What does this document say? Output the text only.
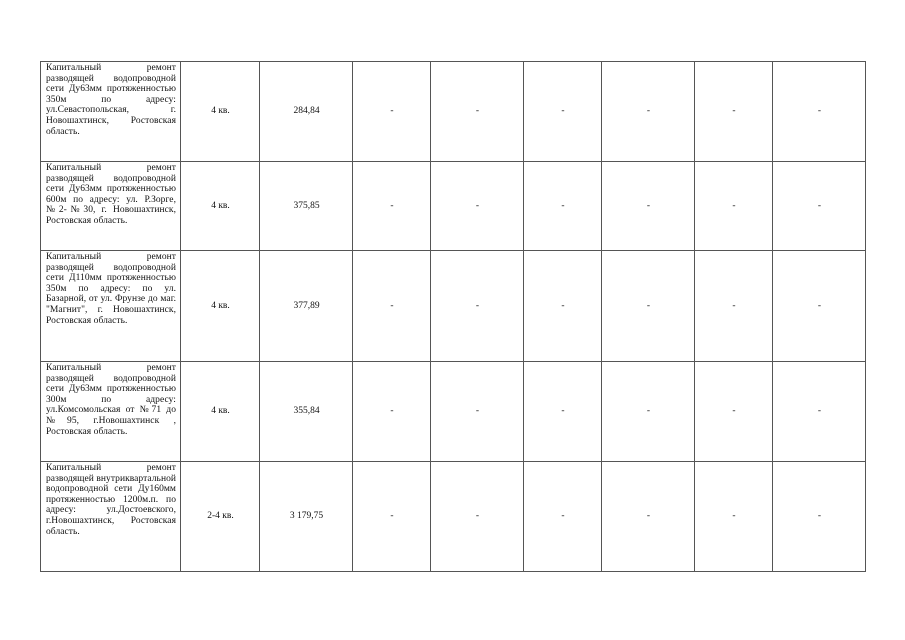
Капитальный ремонт разводящей водопроводной сети Ду63мм протяженностью 350м по адресу: ул.Севастопольская, г. Новошахтинск, Ростовская область.	4 кв.	284,84	-	-	-	-	-	-
Капитальный ремонт разводящей водопроводной сети Ду63мм протяженностью 600м по адресу: ул. Р.Зорге, №2-№30, г. Новошахтинск, Ростовская область.	4 кв.	375,85	-	-	-	-	-	-
Капитальный ремонт разводящей водопроводной сети Д110мм протяженностью 350м по адресу: по ул. Базарной, от ул. Фрунзе до маг. "Магнит", г. Новошахтинск, Ростовская область.	4 кв.	377,89	-	-	-	-	-	-
Капитальный ремонт разводящей водопроводной сети Ду63мм протяженностью 300м по адресу: ул.Комсомольская от №71 до №95, г.Новошахтинск , Ростовская область.	4 кв.	355,84	-	-	-	-	-	-
Капитальный ремонт разводящей внутриквартальной водопроводной сети Ду160мм протяженностью 1200м.п. по адресу: ул.Достоевского, г.Новошахтинск, Ростовская область.	2-4 кв.	3 179,75	-	-	-	-	-	-
